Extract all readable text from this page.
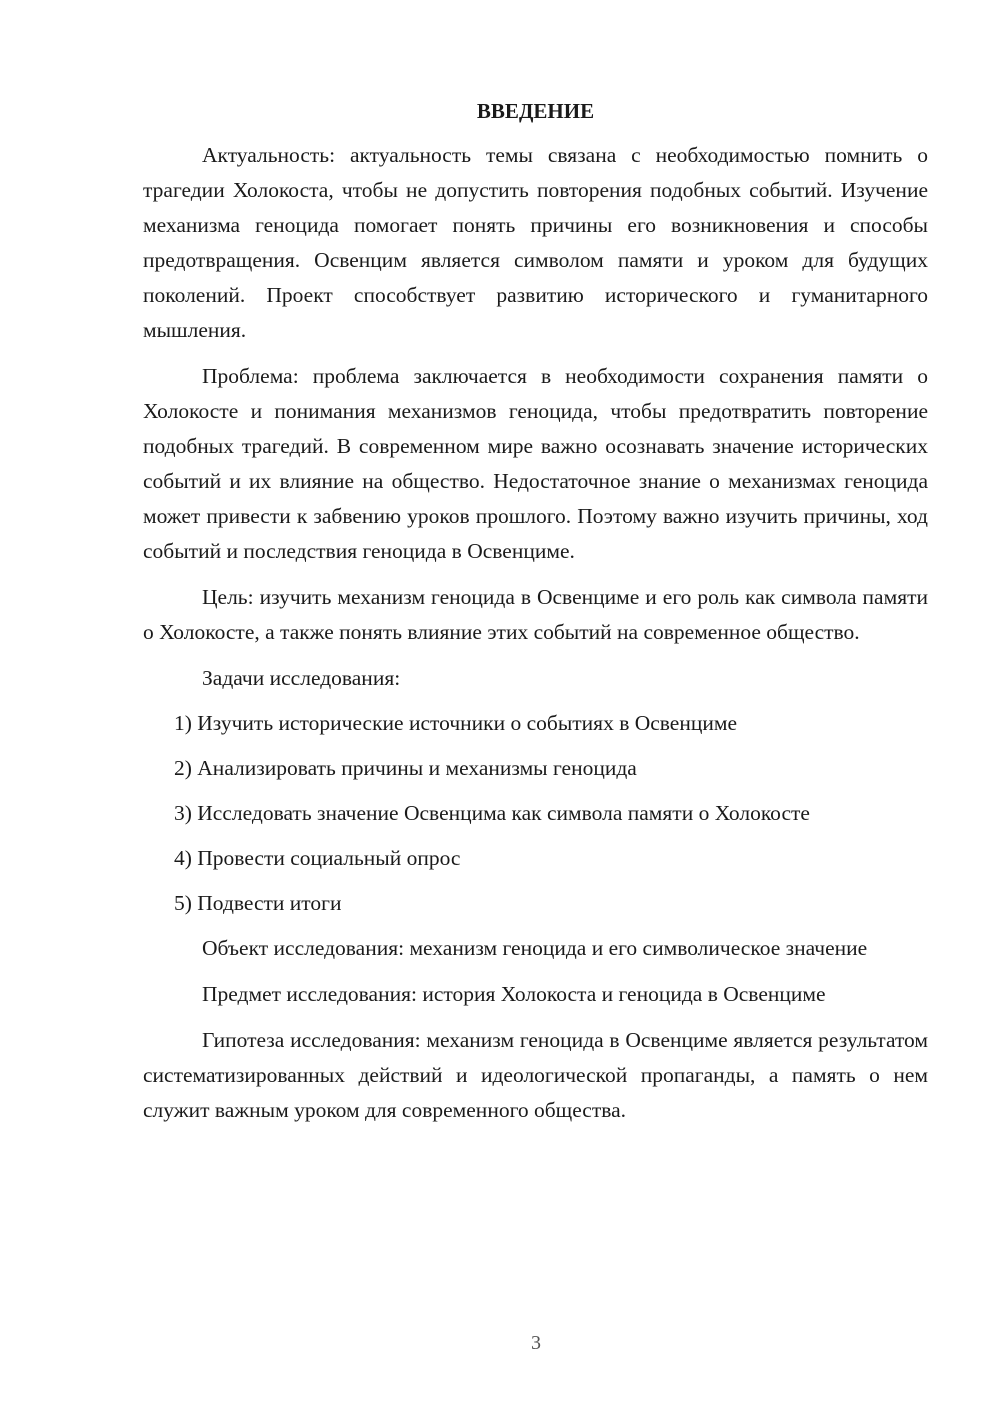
ВВЕДЕНИЕ

Актуальность: актуальность темы связана с необходимостью помнить о трагедии Холокоста, чтобы не допустить повторения подобных событий. Изучение механизма геноцида помогает понять причины его возникновения и способы предотвращения. Освенцим является символом памяти и уроком для будущих поколений. Проект способствует развитию исторического и гуманитарного мышления.

Проблема: проблема заключается в необходимости сохранения памяти о Холокосте и понимания механизмов геноцида, чтобы предотвратить повторение подобных трагедий. В современном мире важно осознавать значение исторических событий и их влияние на общество. Недостаточное знание о механизмах геноцида может привести к забвению уроков прошлого. Поэтому важно изучить причины, ход событий и последствия геноцида в Освенциме.

Цель: изучить механизм геноцида в Освенциме и его роль как символа памяти о Холокосте, а также понять влияние этих событий на современное общество.

Задачи исследования:

1) Изучить исторические источники о событиях в Освенциме
2) Анализировать причины и механизмы геноцида
3) Исследовать значение Освенцима как символа памяти о Холокосте
4) Провести социальный опрос
5) Подвести итоги

Объект исследования: механизм геноцида и его символическое значение

Предмет исследования: история Холокоста и геноцида в Освенциме

Гипотеза исследования: механизм геноцида в Освенциме является результатом систематизированных действий и идеологической пропаганды, а память о нем служит важным уроком для современного общества.

3
